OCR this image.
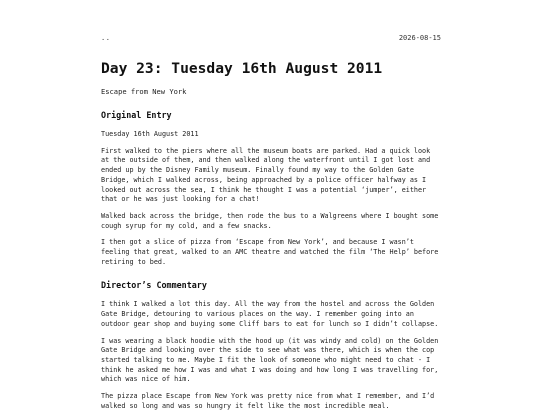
..	2026-08-15
Day 23: Tuesday 16th August 2011
Escape from New York
Original Entry

Tuesday 16th August 2011

First walked to the piers where all the museum boats are parked. Had a quick look at the outside of them, and then walked along the waterfront until I got lost and ended up by the Disney Family museum. Finally found my way to the Golden Gate Bridge, which I walked across, being approached by a police officer halfway as I looked out across the sea, I think he thought I was a potential ‘jumper’, either that or he was just looking for a chat!

Walked back across the bridge, then rode the bus to a Walgreens where I bought some cough syrup for my cold, and a few snacks.

I then got a slice of pizza from ‘Escape from New York’, and because I wasn’t feeling that great, walked to an AMC theatre and watched the film ‘The Help’ before retiring to bed.

Director’s Commentary

I think I walked a lot this day. All the way from the hostel and across the Golden Gate Bridge, detouring to various places on the way. I remember going into an outdoor gear shop and buying some Cliff bars to eat for lunch so I didn’t collapse.

I was wearing a black hoodie with the hood up (it was windy and cold) on the Golden Gate Bridge and looking over the side to see what was there, which is when the cop started talking to me. Maybe I fit the look of someone who might need to chat - I think he asked me how I was and what I was doing and how long I was travelling for, which was nice of him.

The pizza place Escape from New York was pretty nice from what I remember, and I’d walked so long and was so hungry it felt like the most incredible meal.
